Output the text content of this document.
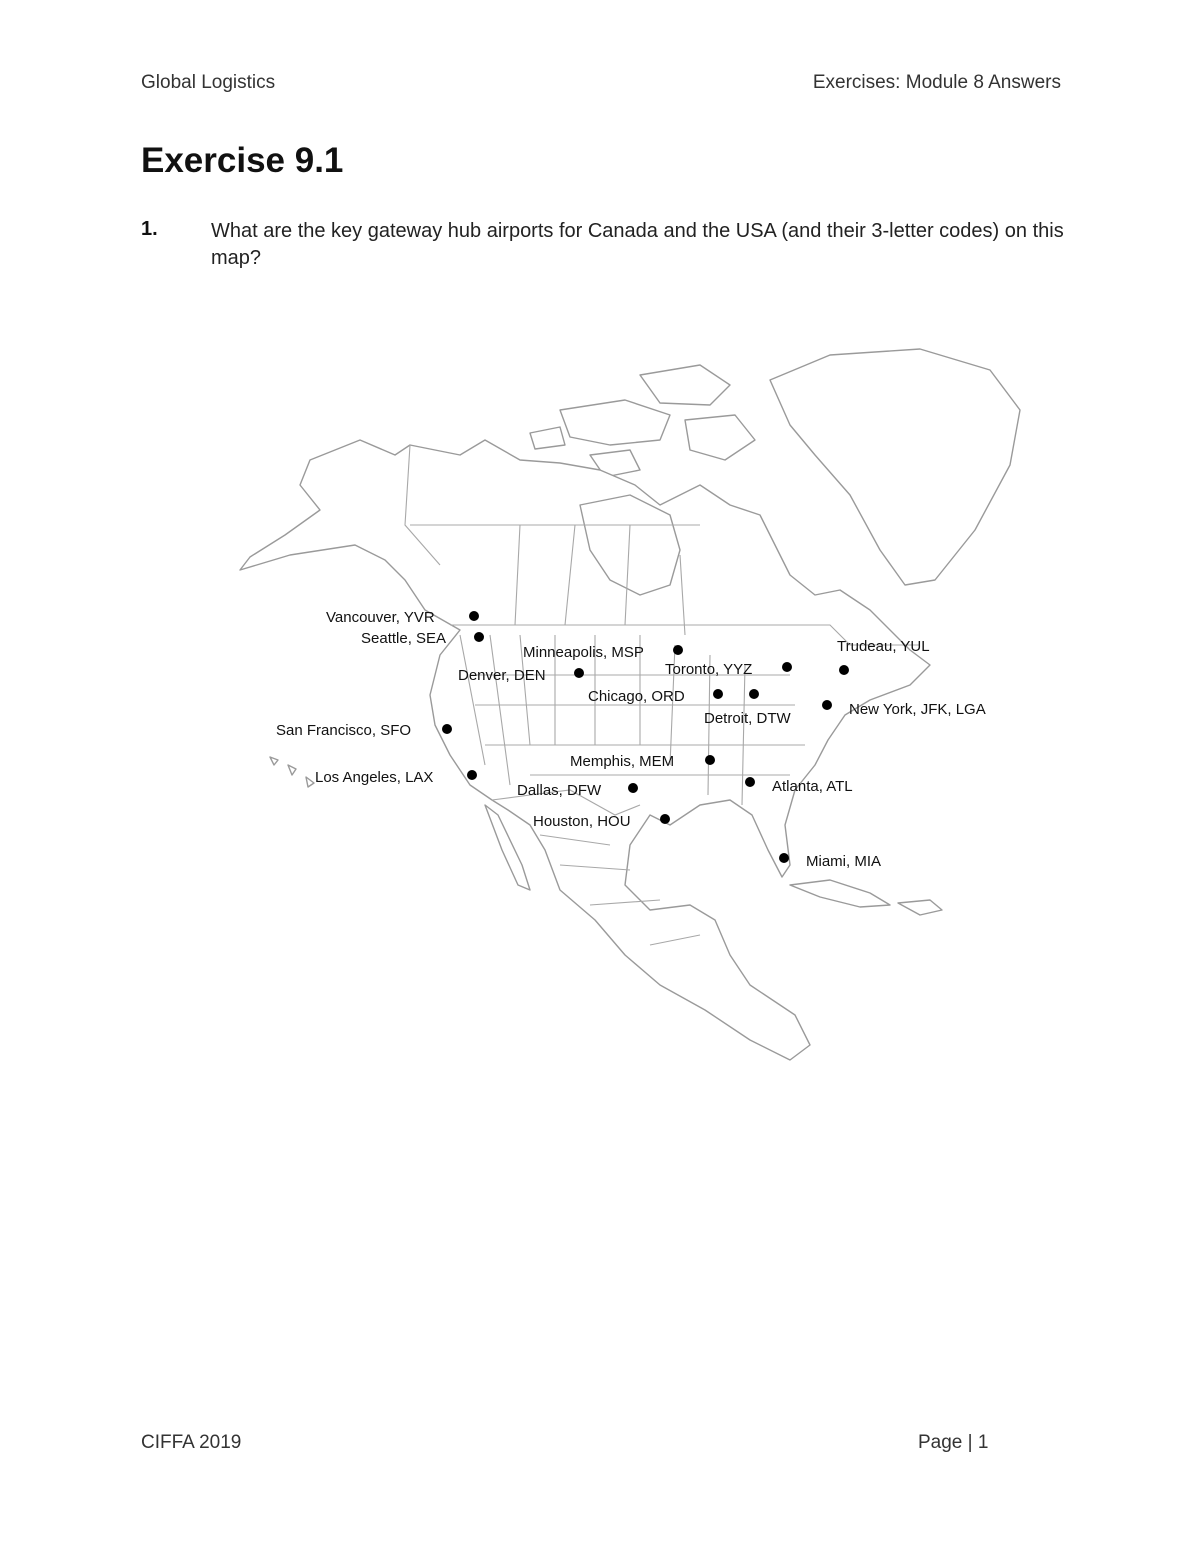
Global Logistics	Exercises: Module 8 Answers
Exercise 9.1
1.	What are the key gateway hub airports for Canada and the USA (and their 3-letter codes) on this map?
Vancouver, YVR
Seattle, SEA
Minneapolis, MSP
Denver, DEN	Toronto, YYZ
Trudeau, YUL
Chicago, ORD
Detroit, DTW
New York, JFK, LGA
San Francisco, SFO
Memphis, MEM
Los Angeles, LAX
Atlanta, ATL
Dallas, DFW
Houston, HOU
Miami, MIA
CIFFA 2019	Page | 1
